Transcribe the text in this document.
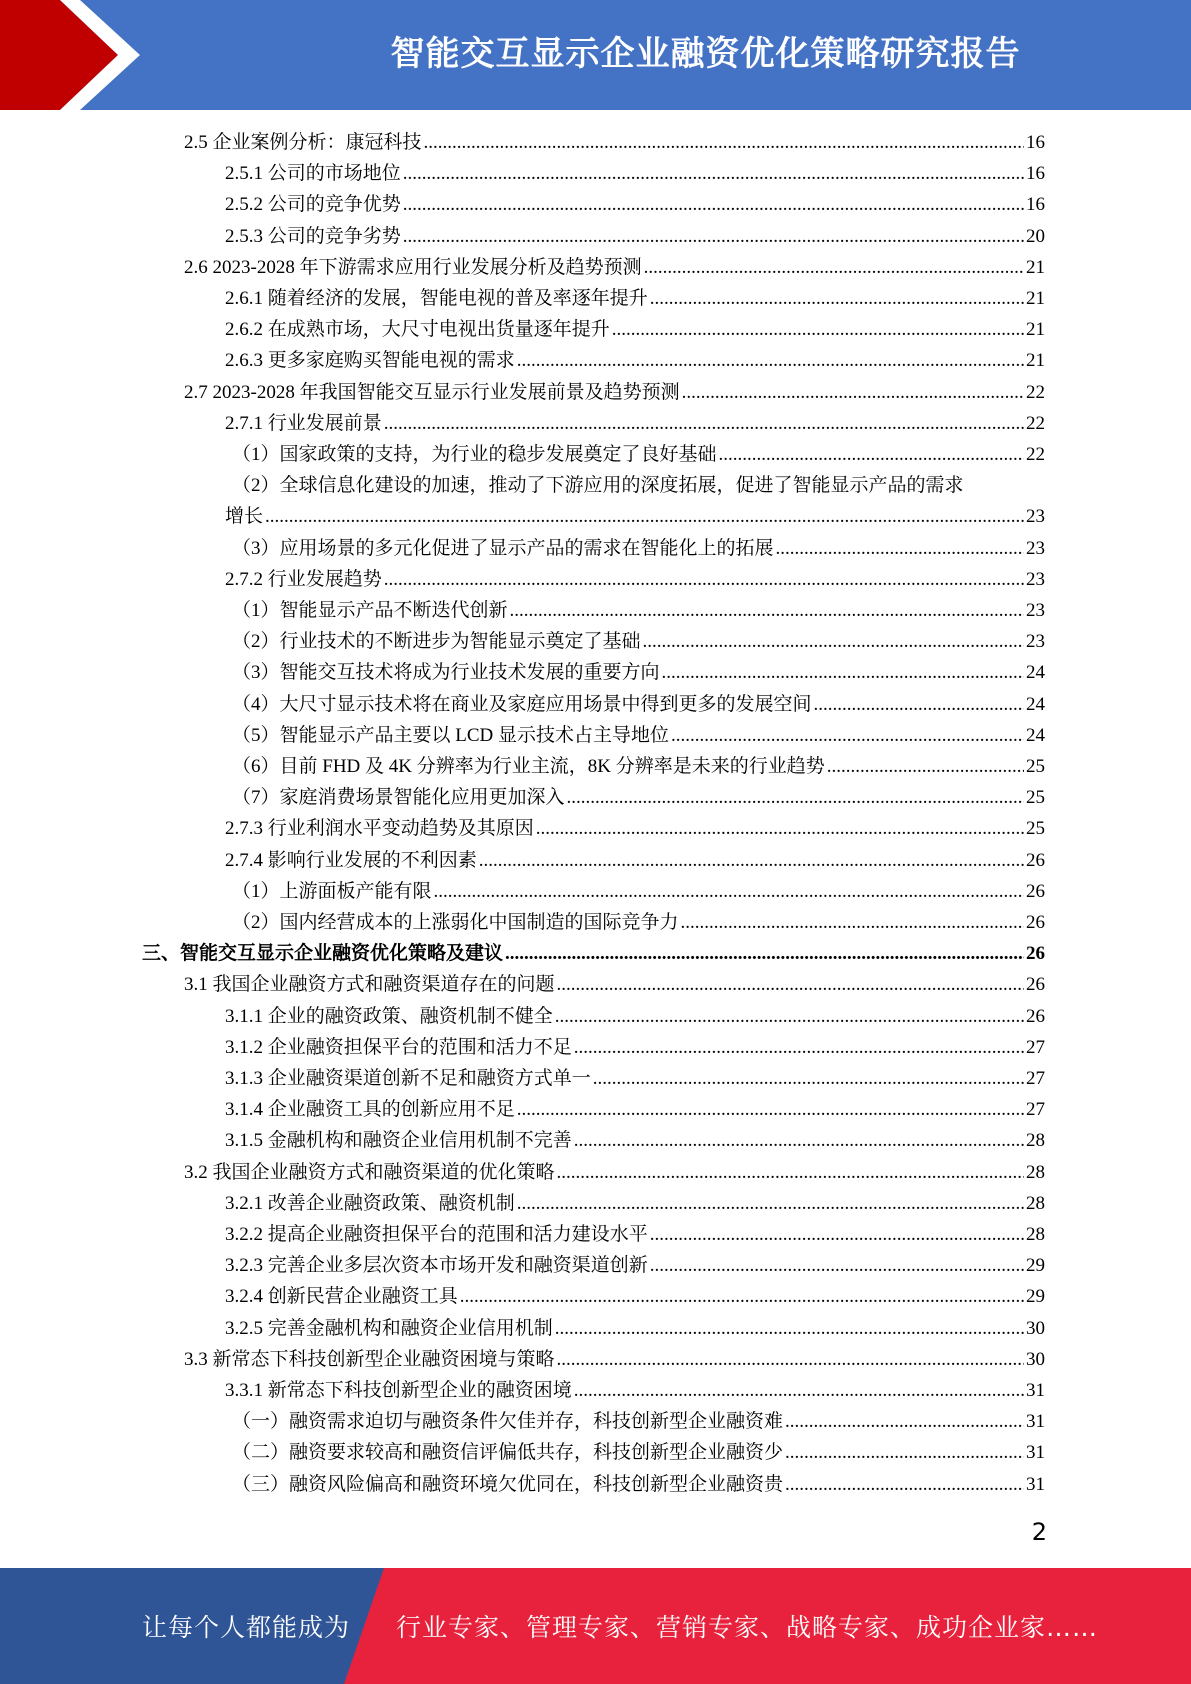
智能交互显示企业融资优化策略研究报告
2.5 企业案例分析：康冠科技 .....	16
2.5.1 公司的市场地位 .....	16
2.5.2 公司的竞争优势 .....	16
2.5.3 公司的竞争劣势 .....	20
2.6 2023-2028 年下游需求应用行业发展分析及趋势预测 .....	21
2.6.1 随着经济的发展，智能电视的普及率逐年提升 .....	21
2.6.2 在成熟市场，大尺寸电视出货量逐年提升 .....	21
2.6.3 更多家庭购买智能电视的需求 .....	21
2.7 2023-2028 年我国智能交互显示行业发展前景及趋势预测 .....	22
2.7.1 行业发展前景 .....	22
（1）国家政策的支持，为行业的稳步发展奠定了良好基础 .....	22
（2）全球信息化建设的加速，推动了下游应用的深度拓展，促进了智能显示产品的需求
增长 .....	23
（3）应用场景的多元化促进了显示产品的需求在智能化上的拓展 .....	23
2.7.2 行业发展趋势 .....	23
（1）智能显示产品不断迭代创新 .....	23
（2）行业技术的不断进步为智能显示奠定了基础 .....	23
（3）智能交互技术将成为行业技术发展的重要方向 .....	24
（4）大尺寸显示技术将在商业及家庭应用场景中得到更多的发展空间 .....	24
（5）智能显示产品主要以 LCD 显示技术占主导地位 .....	24
（6）目前 FHD 及 4K 分辨率为行业主流，8K 分辨率是未来的行业趋势 .....	25
（7）家庭消费场景智能化应用更加深入 .....	25
2.7.3 行业利润水平变动趋势及其原因 .....	25
2.7.4 影响行业发展的不利因素 .....	26
（1）上游面板产能有限 .....	26
（2）国内经营成本的上涨弱化中国制造的国际竞争力 .....	26
三、智能交互显示企业融资优化策略及建议 .....	26
3.1 我国企业融资方式和融资渠道存在的问题 .....	26
3.1.1 企业的融资政策、融资机制不健全 .....	26
3.1.2 企业融资担保平台的范围和活力不足 .....	27
3.1.3 企业融资渠道创新不足和融资方式单一 .....	27
3.1.4 企业融资工具的创新应用不足 .....	27
3.1.5 金融机构和融资企业信用机制不完善 .....	28
3.2 我国企业融资方式和融资渠道的优化策略 .....	28
3.2.1 改善企业融资政策、融资机制 .....	28
3.2.2 提高企业融资担保平台的范围和活力建设水平 .....	28
3.2.3 完善企业多层次资本市场开发和融资渠道创新 .....	29
3.2.4 创新民营企业融资工具 .....	29
3.2.5 完善金融机构和融资企业信用机制 .....	30
3.3 新常态下科技创新型企业融资困境与策略 .....	30
3.3.1 新常态下科技创新型企业的融资困境 .....	31
（一）融资需求迫切与融资条件欠佳并存，科技创新型企业融资难 .....	31
（二）融资要求较高和融资信评偏低共存，科技创新型企业融资少 .....	31
（三）融资风险偏高和融资环境欠优同在，科技创新型企业融资贵 .....	31
2
让每个人都能成为 行业专家、管理专家、营销专家、战略专家、成功企业家……
